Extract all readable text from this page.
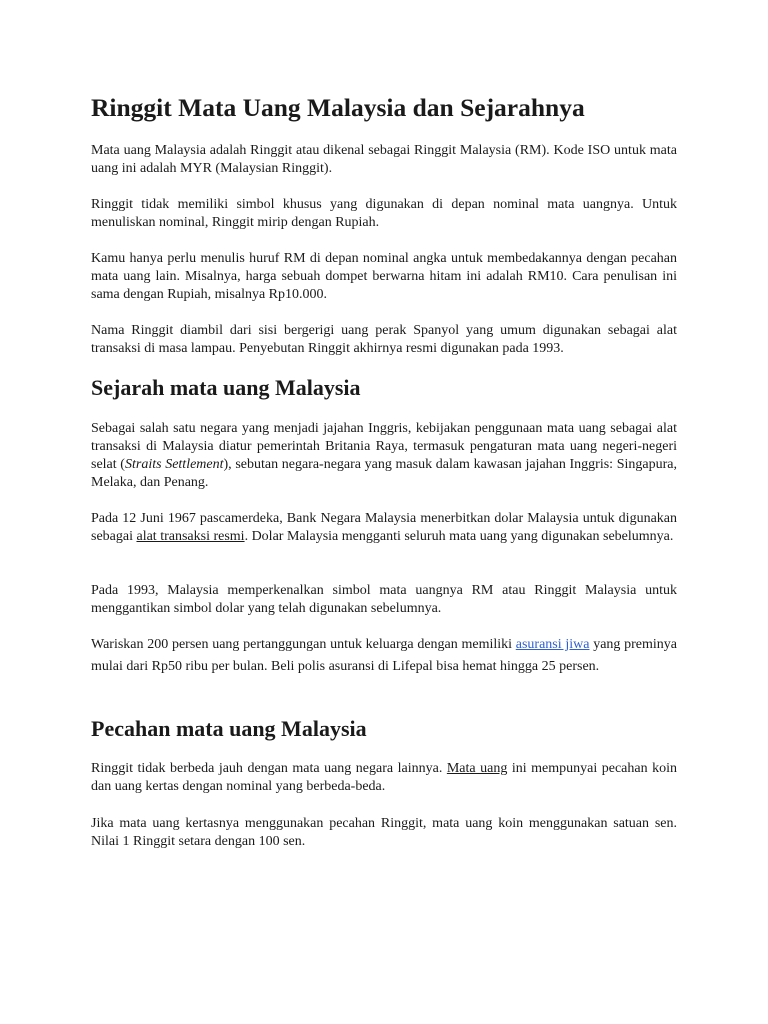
Ringgit Mata Uang Malaysia dan Sejarahnya

Mata uang Malaysia adalah Ringgit atau dikenal sebagai Ringgit Malaysia (RM). Kode ISO untuk mata uang ini adalah MYR (Malaysian Ringgit).

Ringgit tidak memiliki simbol khusus yang digunakan di depan nominal mata uangnya. Untuk menuliskan nominal, Ringgit mirip dengan Rupiah.

Kamu hanya perlu menulis huruf RM di depan nominal angka untuk membedakannya dengan pecahan mata uang lain. Misalnya, harga sebuah dompet berwarna hitam ini adalah RM10. Cara penulisan ini sama dengan Rupiah, misalnya Rp10.000.

Nama Ringgit diambil dari sisi bergerigi uang perak Spanyol yang umum digunakan sebagai alat transaksi di masa lampau. Penyebutan Ringgit akhirnya resmi digunakan pada 1993.

Sejarah mata uang Malaysia

Sebagai salah satu negara yang menjadi jajahan Inggris, kebijakan penggunaan mata uang sebagai alat transaksi di Malaysia diatur pemerintah Britania Raya, termasuk pengaturan mata uang negeri-negeri selat (Straits Settlement), sebutan negara-negara yang masuk dalam kawasan jajahan Inggris: Singapura, Melaka, dan Penang.

Pada 12 Juni 1967 pascamerdeka, Bank Negara Malaysia menerbitkan dolar Malaysia untuk digunakan sebagai alat transaksi resmi. Dolar Malaysia mengganti seluruh mata uang yang digunakan sebelumnya.

Pada 1993, Malaysia memperkenalkan simbol mata uangnya RM atau Ringgit Malaysia untuk menggantikan simbol dolar yang telah digunakan sebelumnya.

Wariskan 200 persen uang pertanggungan untuk keluarga dengan memiliki asuransi jiwa yang preminya mulai dari Rp50 ribu per bulan. Beli polis asuransi di Lifepal bisa hemat hingga 25 persen.

Pecahan mata uang Malaysia

Ringgit tidak berbeda jauh dengan mata uang negara lainnya. Mata uang ini mempunyai pecahan koin dan uang kertas dengan nominal yang berbeda-beda.

Jika mata uang kertasnya menggunakan pecahan Ringgit, mata uang koin menggunakan satuan sen. Nilai 1 Ringgit setara dengan 100 sen.
